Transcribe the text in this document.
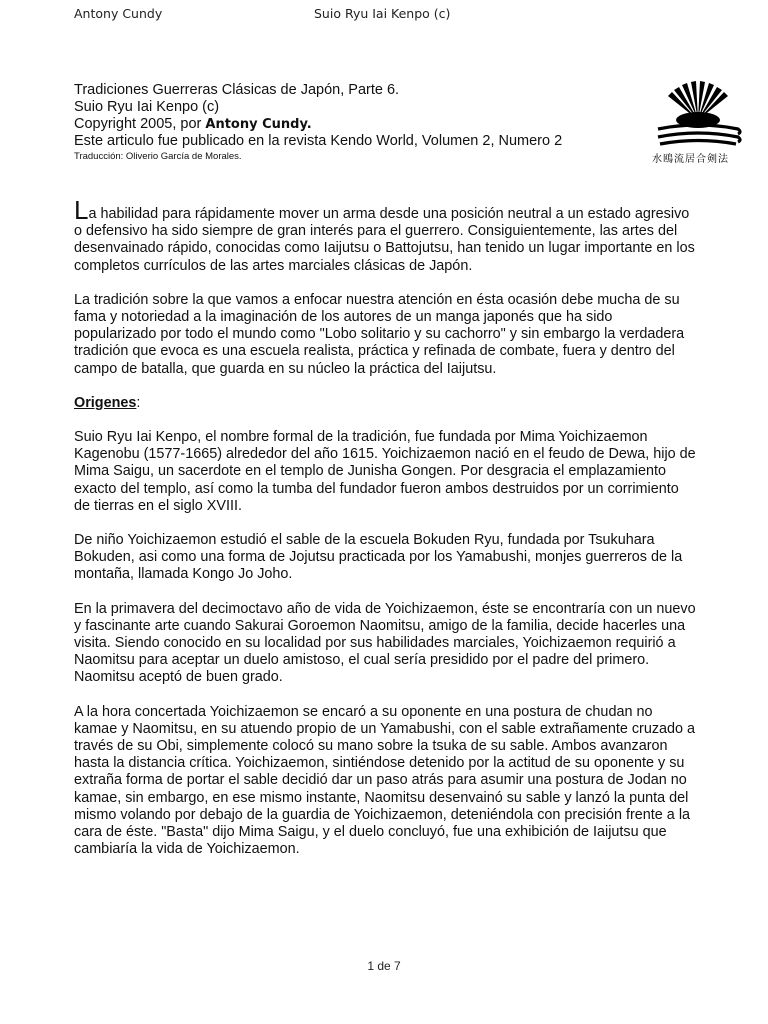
Antony Cundy	Suio Ryu Iai Kenpo (c)
Tradiciones Guerreras Clásicas de Japón, Parte 6.
Suio Ryu Iai Kenpo (c)
Copyright 2005, por Antony Cundy.
Este articulo fue publicado en la revista Kendo World, Volumen 2, Numero 2
Traducción: Oliverio García de Morales.	水鴎流居合剣法

La habilidad para rápidamente mover un arma desde una posición neutral a un estado agresivo o defensivo ha sido siempre de gran interés para el guerrero. Consiguientemente, las artes del desenvainado rápido, conocidas como Iaijutsu o Battojutsu, han tenido un lugar importante en los completos currículos de las artes marciales clásicas de Japón.

La tradición sobre la que vamos a enfocar nuestra atención en ésta ocasión debe mucha de su fama y notoriedad a la imaginación de los autores de un manga japonés que ha sido popularizado por todo el mundo como "Lobo solitario y su cachorro" y sin embargo la verdadera tradición que evoca es una escuela realista, práctica y refinada de combate, fuera y dentro del campo de batalla, que guarda en su núcleo la práctica del Iaijutsu.

Origenes:

Suio Ryu Iai Kenpo, el nombre formal de la tradición, fue fundada por Mima Yoichizaemon Kagenobu (1577-1665) alrededor del año 1615. Yoichizaemon nació en el feudo de Dewa, hijo de Mima Saigu, un sacerdote en el templo de Junisha Gongen. Por desgracia el emplazamiento exacto del templo, así como la tumba del fundador fueron ambos destruidos por un corrimiento de tierras en el siglo XVIII.

De niño Yoichizaemon estudió el sable de la escuela Bokuden Ryu, fundada por Tsukuhara Bokuden, asi como una forma de Jojutsu practicada por los Yamabushi, monjes guerreros de la montaña, llamada Kongo Jo Joho.

En la primavera del decimoctavo año de vida de Yoichizaemon, éste se encontraría con un nuevo y fascinante arte cuando Sakurai Goroemon Naomitsu, amigo de la familia, decide hacerles una visita. Siendo conocido en su localidad por sus habilidades marciales, Yoichizaemon requirió a Naomitsu para aceptar un duelo amistoso, el cual sería presidido por el padre del primero. Naomitsu aceptó de buen grado.

A la hora concertada Yoichizaemon se encaró a su oponente en una postura de chudan no kamae y Naomitsu, en su atuendo propio de un Yamabushi, con el sable extrañamente cruzado a través de su Obi, simplemente colocó su mano sobre la tsuka de su sable. Ambos avanzaron hasta la distancia crítica. Yoichizaemon, sintiéndose detenido por la actitud de su oponente y su extraña forma de portar el sable decidió dar un paso atrás para asumir una postura de Jodan no kamae, sin embargo, en ese mismo instante, Naomitsu desenvainó su sable y lanzó la punta del mismo volando por debajo de la guardia de Yoichizaemon, deteniéndola con precisión frente a la cara de éste. "Basta" dijo Mima Saigu, y el duelo concluyó, fue una exhibición de Iaijutsu que cambiaría la vida de Yoichizaemon.

1 de 7
